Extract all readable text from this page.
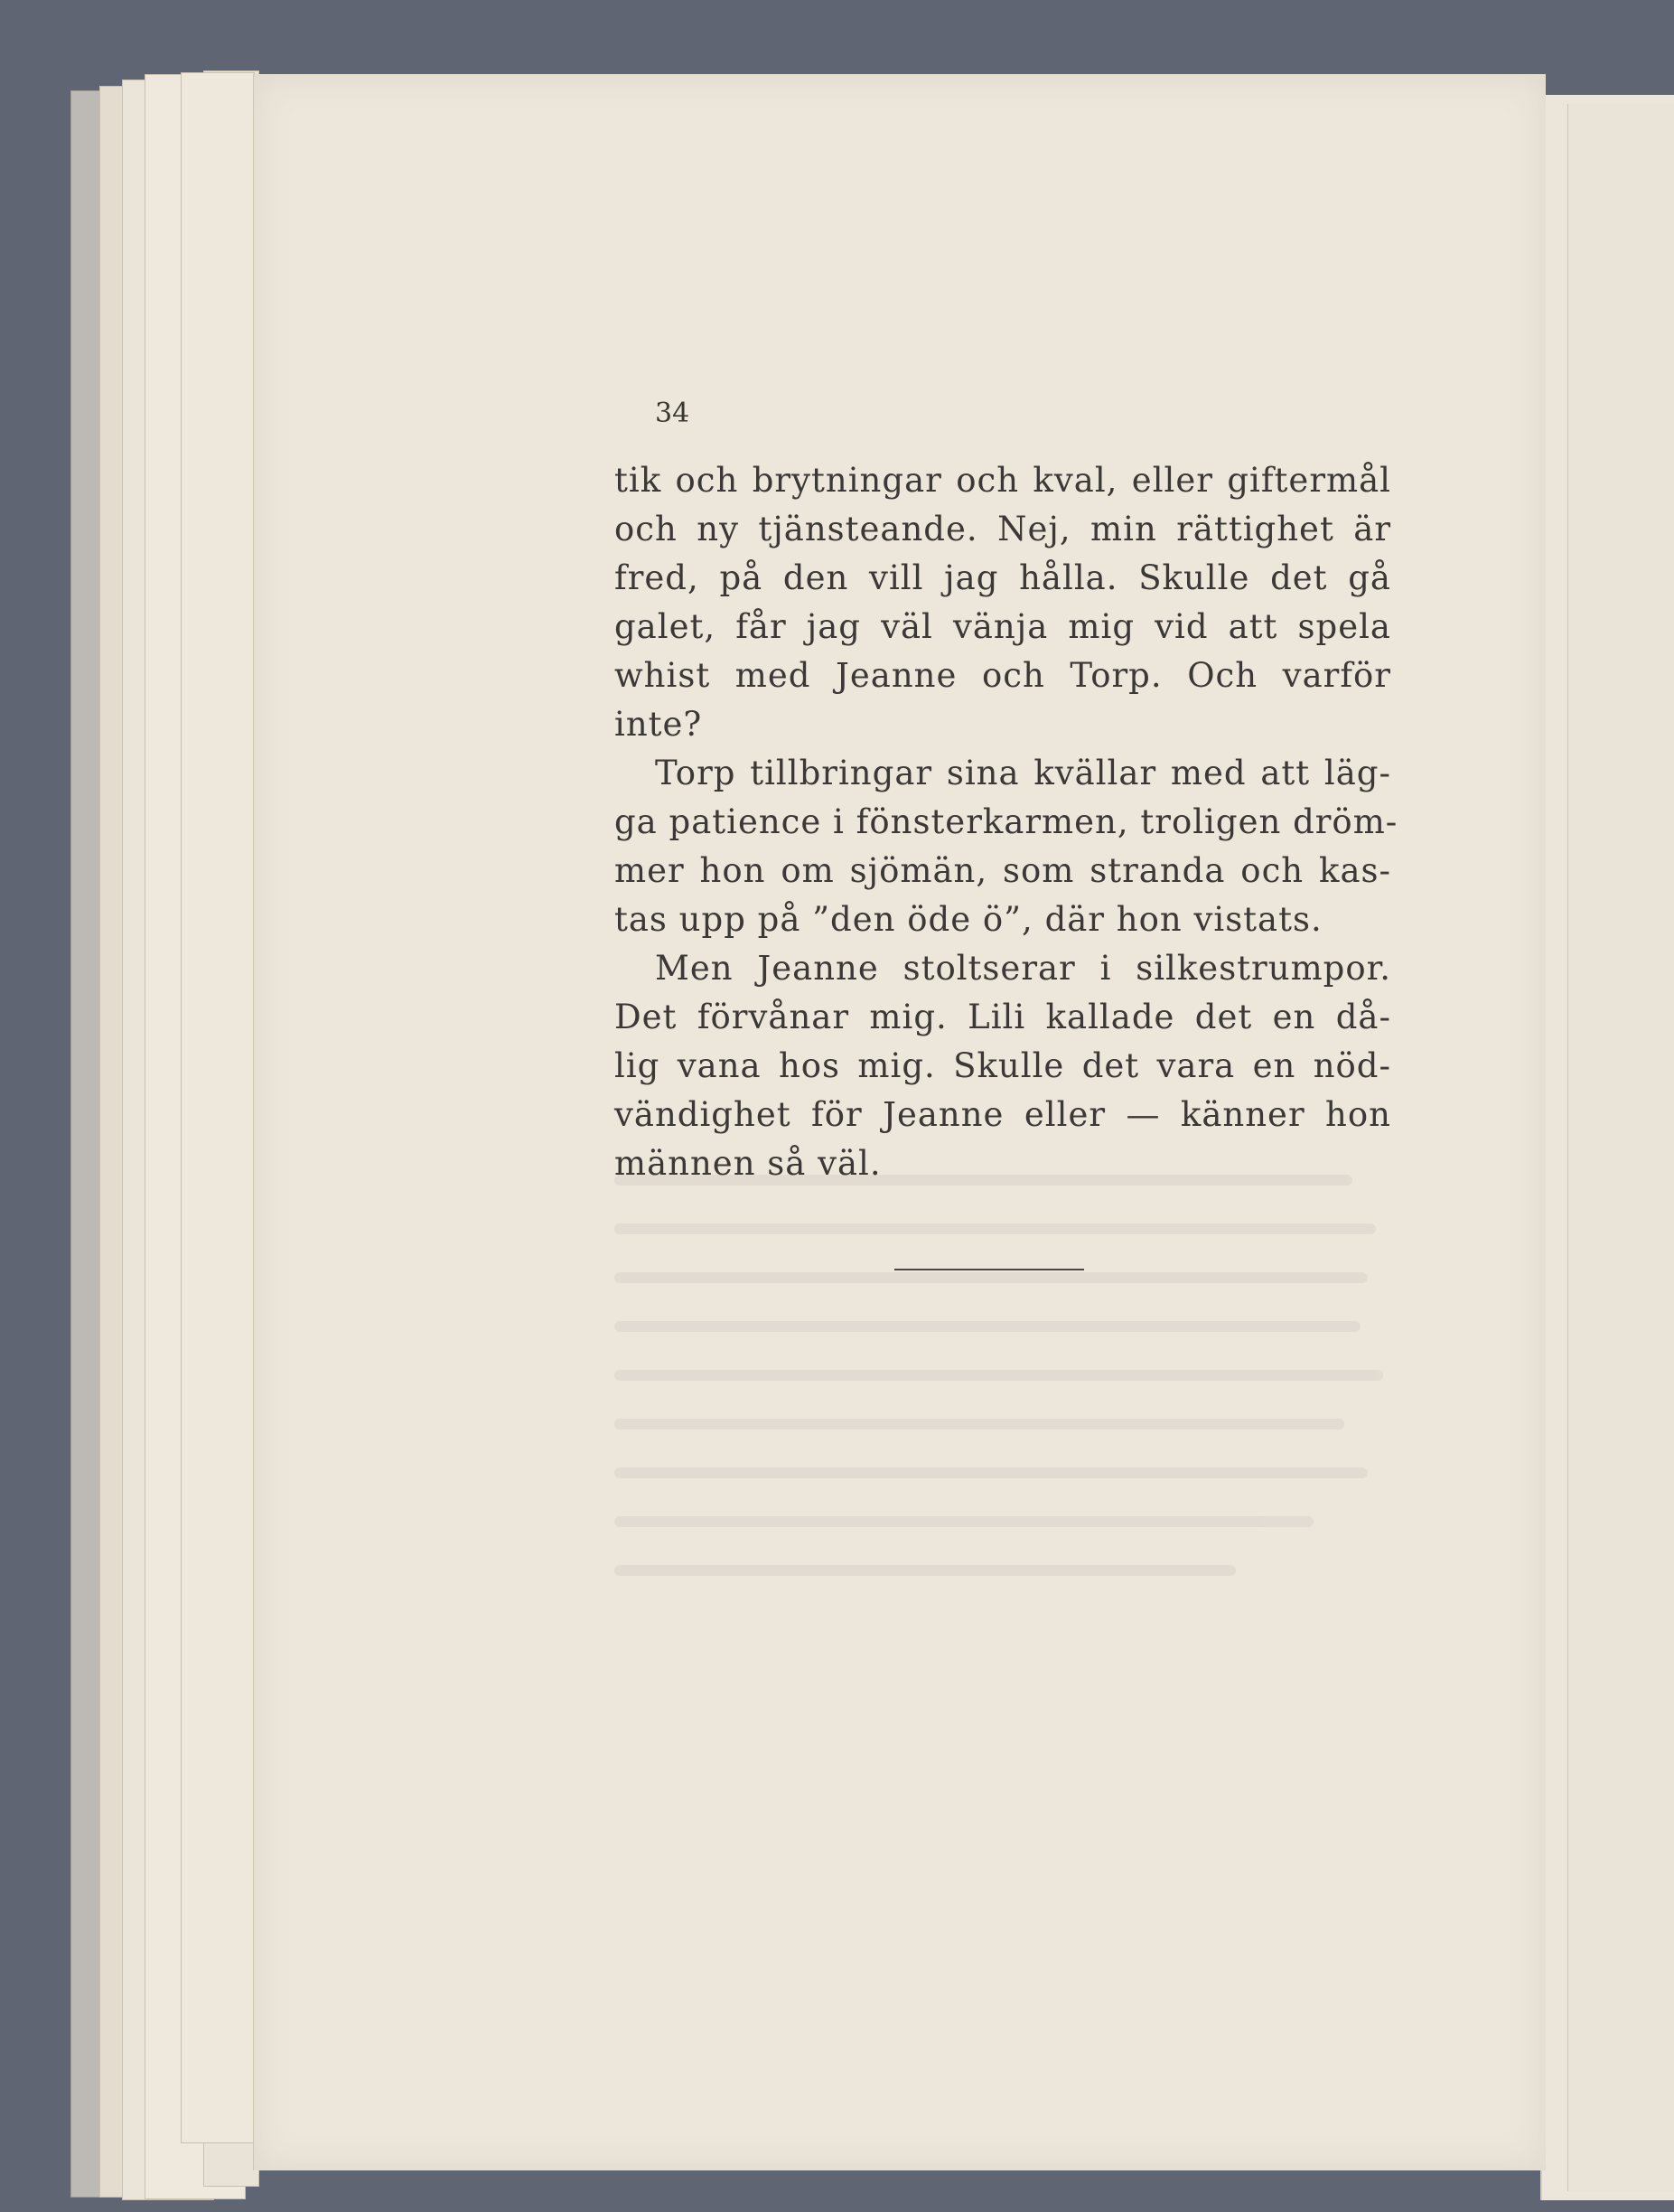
34
tik och brytningar och kval, eller giftermål
och ny tjänsteande. Nej, min rättighet är
fred, på den vill jag hålla. Skulle det gå
galet, får jag väl vänja mig vid att spela
whist med Jeanne och Torp. Och varför
inte?
Torp tillbringar sina kvällar med att läg-
ga patience i fönsterkarmen, troligen dröm-
mer hon om sjömän, som stranda och kas-
tas upp på ”den öde ö”, där hon vistats.
Men Jeanne stoltserar i silkestrumpor.
Det förvånar mig. Lili kallade det en då-
lig vana hos mig. Skulle det vara en nöd-
vändighet för Jeanne eller — känner hon
männen så väl.
